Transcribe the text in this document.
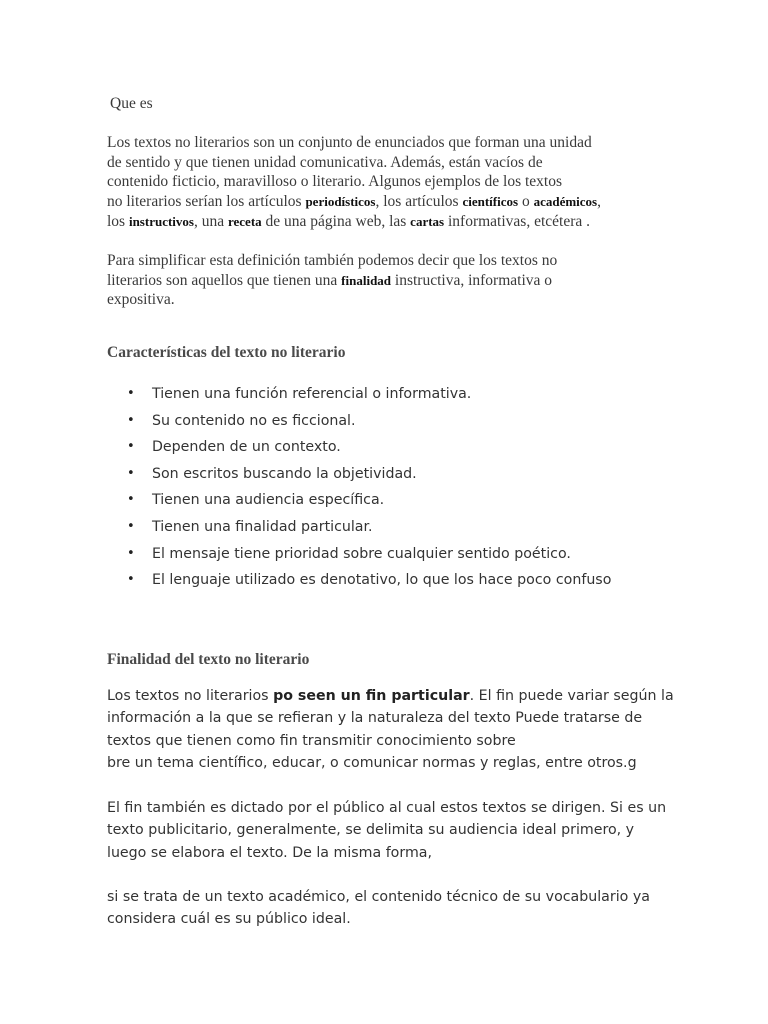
Que es
Los textos no literarios son un conjunto de enunciados que forman una unidad
de sentido y que tienen unidad comunicativa. Además, están vacíos de
contenido ficticio, maravilloso o literario. Algunos ejemplos de los textos
no literarios serían los artículos periodísticos, los artículos científicos o académicos,
los instructivos, una receta de una página web, las cartas informativas, etcétera .
Para simplificar esta definición también podemos decir que los textos no
literarios son aquellos que tienen una finalidad instructiva, informativa o
expositiva.
Características del texto no literario
• Tienen una función referencial o informativa.
• Su contenido no es ficcional.
• Dependen de un contexto.
• Son escritos buscando la objetividad.
• Tienen una audiencia específica.
• Tienen una finalidad particular.
• El mensaje tiene prioridad sobre cualquier sentido poético.
• El lenguaje utilizado es denotativo, lo que los hace poco confuso
Finalidad del texto no literario
Los textos no literarios po seen un fin particular. El fin puede variar según la
información a la que se refieran y la naturaleza del texto Puede tratarse de
textos que tienen como fin transmitir conocimiento sobre
bre un tema científico, educar, o comunicar normas y reglas, entre otros.g
El fin también es dictado por el público al cual estos textos se dirigen. Si es un
texto publicitario, generalmente, se delimita su audiencia ideal primero, y
luego se elabora el texto. De la misma forma,
si se trata de un texto académico, el contenido técnico de su vocabulario ya
considera cuál es su público ideal.
